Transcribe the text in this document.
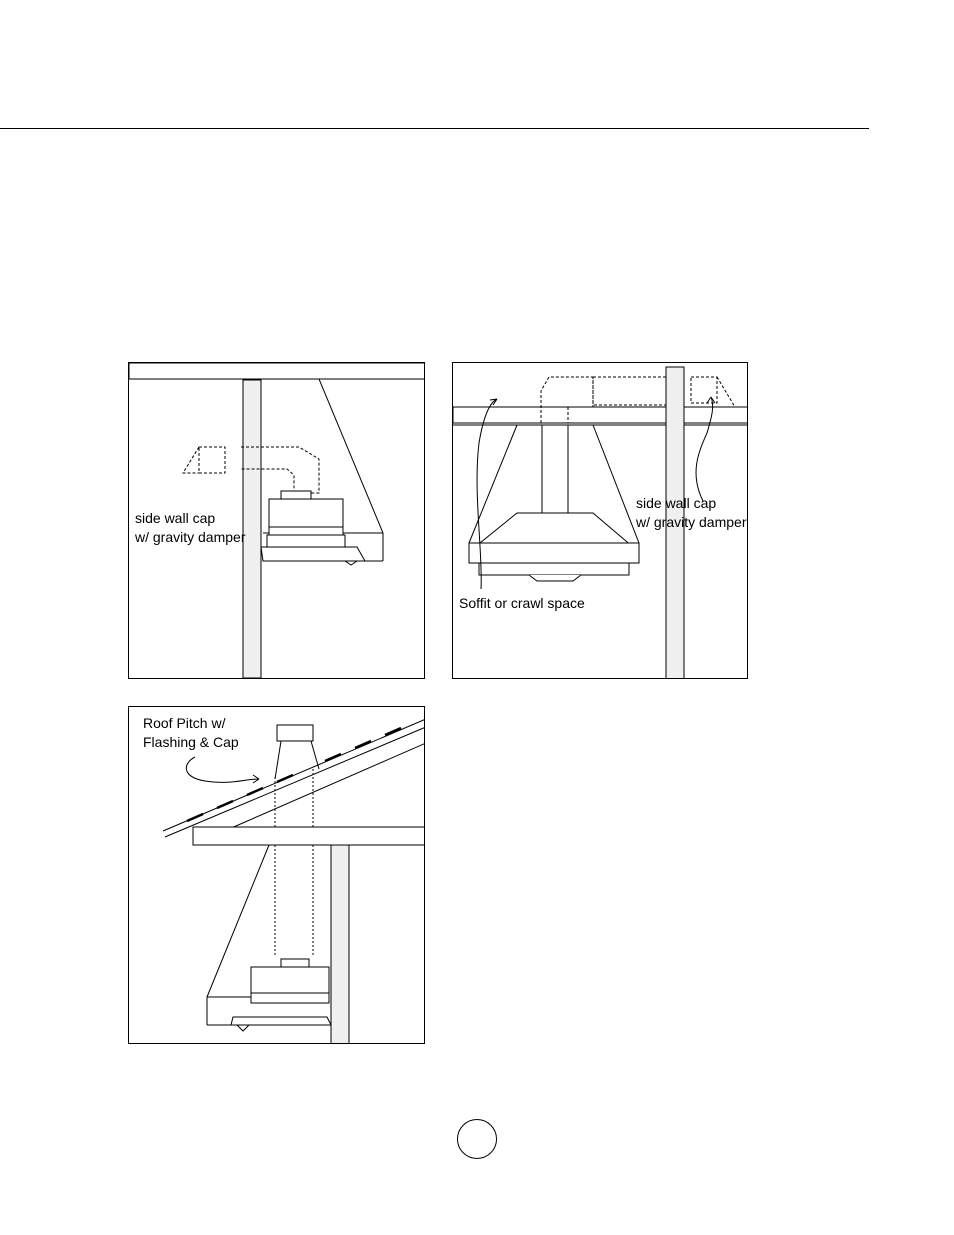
side wall cap
w/ gravity damper
side wall cap
w/ gravity damper
Soffit or crawl space
Roof Pitch w/
Flashing & Cap
